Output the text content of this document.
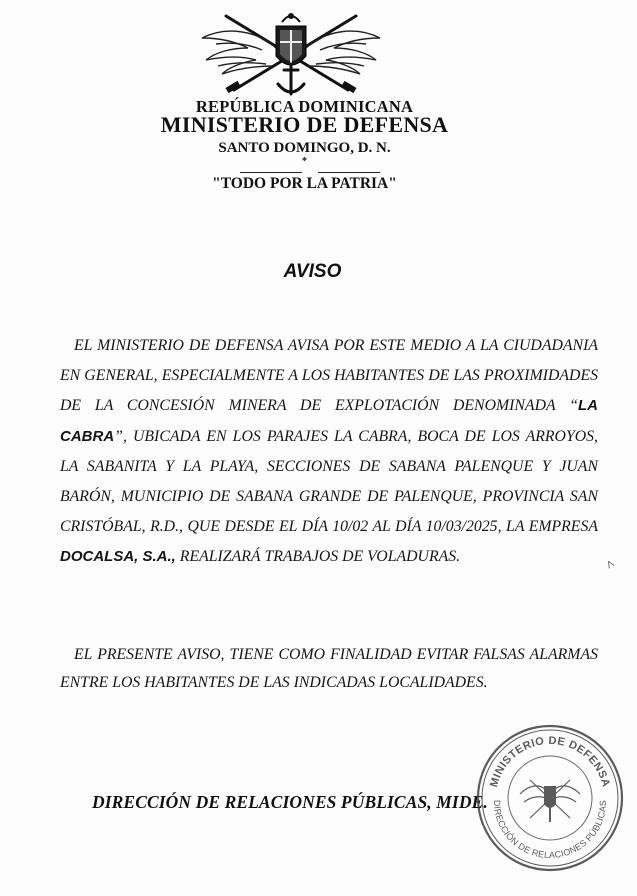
REPÚBLICA DOMINICANA
MINISTERIO DE DEFENSA
SANTO DOMINGO, D. N.
*
"TODO POR LA PATRIA"
AVISO

EL MINISTERIO DE DEFENSA AVISA POR ESTE MEDIO A LA CIUDADANIA EN GENERAL, ESPECIALMENTE A LOS HABITANTES DE LAS PROXIMIDADES DE LA CONCESIÓN MINERA DE EXPLOTACIÓN DENOMINADA “LA CABRA”, UBICADA EN LOS PARAJES LA CABRA, BOCA DE LOS ARROYOS, LA SABANITA Y LA PLAYA, SECCIONES DE SABANA PALENQUE Y JUAN BARÓN, MUNICIPIO DE SABANA GRANDE DE PALENQUE, PROVINCIA SAN CRISTÓBAL, R.D., QUE DESDE EL DÍA 10/02 AL DÍA 10/03/2025, LA EMPRESA DOCALSA, S.A., REALIZARÁ TRABAJOS DE VOLADURAS.

EL PRESENTE AVISO, TIENE COMO FINALIDAD EVITAR FALSAS ALARMAS ENTRE LOS HABITANTES DE LAS INDICADAS LOCALIDADES.

DIRECCIÓN DE RELACIONES PÚBLICAS, MIDE.
MINISTERIO DE DEFENSA
DIRECCIÓN DE RELACIONES PÚBLICAS
˄
